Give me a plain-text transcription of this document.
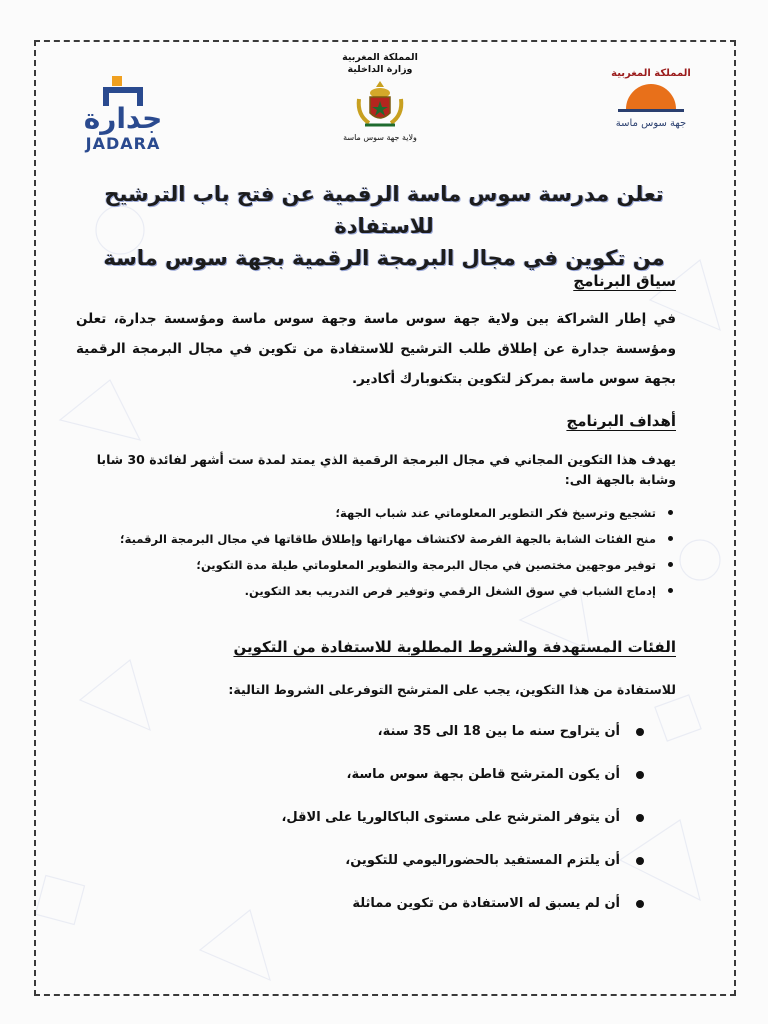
جدارة
JADARA
المملكة المغربية
وزارة الداخلية
ولاية جهة سوس ماسة
المملكة المغربية
جهة سوس ماسة
تعلن مدرسة سوس ماسة الرقمية عن فتح باب الترشيح للاستفادة
من تكوين في مجال البرمجة الرقمية بجهة سوس ماسة
سياق البرنامج
في إطار الشراكة بين ولاية جهة سوس ماسة وجهة سوس ماسة ومؤسسة جدارة، تعلن ومؤسسة جدارة عن إطلاق طلب الترشيح للاستفادة من تكوين في مجال البرمجة الرقمية بجهة سوس ماسة بمركز لتكوين بتكنوبارك أكادير.
أهداف البرنامج
يهدف هذا التكوين المجاني في مجال البرمجة الرقمية الذي يمتد لمدة ست أشهر لفائدة 30 شابا وشابة بالجهة الى:
تشجيع وترسيخ فكر التطوير المعلوماتي عند شباب الجهة؛
منح الفئات الشابة بالجهة الفرصة لاكتشاف مهاراتها وإطلاق طاقاتها في مجال البرمجة الرقمية؛
توفير موجهين مختصين في مجال البرمجة والتطوير المعلوماتي طيلة مدة التكوين؛
إدماج الشباب في سوق الشغل الرقمي وتوفير فرص التدريب بعد التكوين.
الفئات المستهدفة والشروط المطلوبة للاستفادة من التكوين
للاستفادة من هذا التكوين، يجب على المترشح التوفرعلى الشروط التالية:
أن يتراوح سنه ما بين 18 الى 35 سنة،
أن يكون المترشح قاطن بجهة سوس ماسة،
أن يتوفر المترشح على مستوى الباكالوريا على الاقل،
أن يلتزم المستفيد بالحضوراليومي للتكوين،
أن لم يسبق له الاستفادة من تكوين مماثلة
